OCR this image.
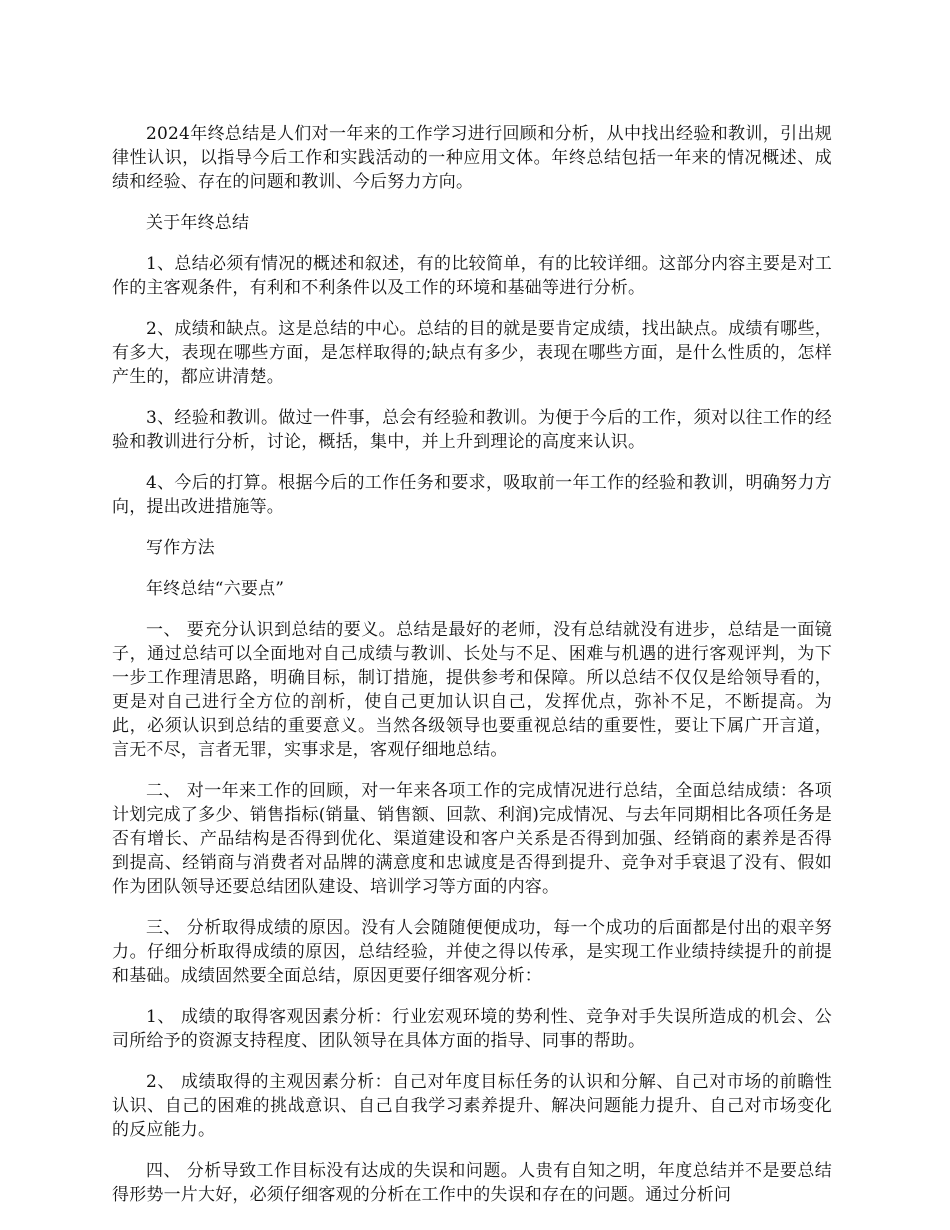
2024年终总结是人们对一年来的工作学习进行回顾和分析，从中找出经验和教训，引出规律性认识，以指导今后工作和实践活动的一种应用文体。年终总结包括一年来的情况概述、成绩和经验、存在的问题和教训、今后努力方向。

关于年终总结

1、总结必须有情况的概述和叙述，有的比较简单，有的比较详细。这部分内容主要是对工作的主客观条件，有利和不利条件以及工作的环境和基础等进行分析。

2、成绩和缺点。这是总结的中心。总结的目的就是要肯定成绩，找出缺点。成绩有哪些，有多大，表现在哪些方面，是怎样取得的;缺点有多少，表现在哪些方面，是什么性质的，怎样产生的，都应讲清楚。

3、经验和教训。做过一件事，总会有经验和教训。为便于今后的工作，须对以往工作的经验和教训进行分析，讨论，概括，集中，并上升到理论的高度来认识。

4、今后的打算。根据今后的工作任务和要求，吸取前一年工作的经验和教训，明确努力方向，提出改进措施等。

写作方法

年终总结“六要点”

一、 要充分认识到总结的要义。总结是最好的老师，没有总结就没有进步，总结是一面镜子，通过总结可以全面地对自己成绩与教训、长处与不足、困难与机遇的进行客观评判，为下一步工作理清思路，明确目标，制订措施，提供参考和保障。所以总结不仅仅是给领导看的，更是对自己进行全方位的剖析，使自己更加认识自己，发挥优点，弥补不足，不断提高。为此，必须认识到总结的重要意义。当然各级领导也要重视总结的重要性，要让下属广开言道，言无不尽，言者无罪，实事求是，客观仔细地总结。

二、 对一年来工作的回顾，对一年来各项工作的完成情况进行总结，全面总结成绩：各项计划完成了多少、销售指标(销量、销售额、回款、利润)完成情况、与去年同期相比各项任务是否有增长、产品结构是否得到优化、渠道建设和客户关系是否得到加强、经销商的素养是否得到提高、经销商与消费者对品牌的满意度和忠诚度是否得到提升、竞争对手衰退了没有、假如作为团队领导还要总结团队建设、培训学习等方面的内容。

三、 分析取得成绩的原因。没有人会随随便便成功，每一个成功的后面都是付出的艰辛努力。仔细分析取得成绩的原因，总结经验，并使之得以传承，是实现工作业绩持续提升的前提和基础。成绩固然要全面总结，原因更要仔细客观分析：

1、 成绩的取得客观因素分析：行业宏观环境的势利性、竞争对手失误所造成的机会、公司所给予的资源支持程度、团队领导在具体方面的指导、同事的帮助。

2、 成绩取得的主观因素分析：自己对年度目标任务的认识和分解、自己对市场的前瞻性认识、自己的困难的挑战意识、自己自我学习素养提升、解决问题能力提升、自己对市场变化的反应能力。

四、 分析导致工作目标没有达成的失误和问题。人贵有自知之明，年度总结并不是要总结得形势一片大好，必须仔细客观的分析在工作中的失误和存在的问题。通过分析问
